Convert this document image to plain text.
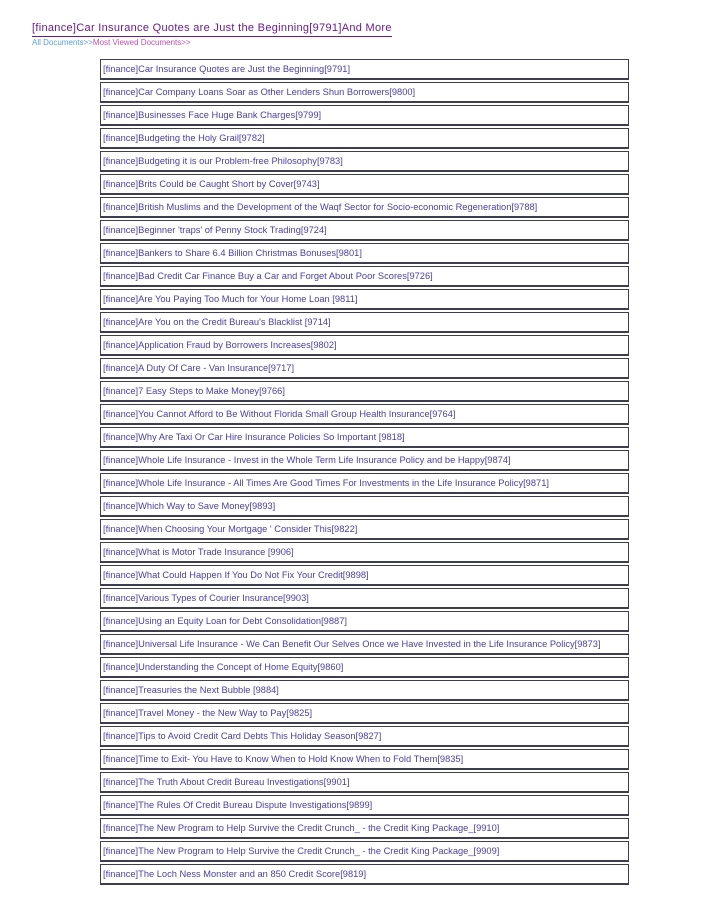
[finance]Car Insurance Quotes are Just the Beginning[9791]And More
All Documents>>Most Viewed Documents>>
[finance]Car Insurance Quotes are Just the Beginning[9791]
[finance]Car Company Loans Soar as Other Lenders Shun Borrowers[9800]
[finance]Businesses Face Huge Bank Charges[9799]
[finance]Budgeting the Holy Grail[9782]
[finance]Budgeting it is our Problem-free Philosophy[9783]
[finance]Brits Could be Caught Short by Cover[9743]
[finance]British Muslims and the Development of the Waqf Sector for Socio-economic Regeneration[9788]
[finance]Beginner 'traps' of Penny Stock Trading[9724]
[finance]Bankers to Share 6.4 Billion Christmas Bonuses[9801]
[finance]Bad Credit Car Finance Buy a Car and Forget About Poor Scores[9726]
[finance]Are You Paying Too Much for Your Home Loan [9811]
[finance]Are You on the Credit Bureau's Blacklist [9714]
[finance]Application Fraud by Borrowers Increases[9802]
[finance]A Duty Of Care - Van Insurance[9717]
[finance]7 Easy Steps to Make Money[9766]
[finance]You Cannot Afford to Be Without Florida Small Group Health Insurance[9764]
[finance]Why Are Taxi Or Car Hire Insurance Policies So Important [9818]
[finance]Whole Life Insurance - Invest in the Whole Term Life Insurance Policy and be Happy[9874]
[finance]Whole Life Insurance - All Times Are Good Times For Investments in the Life Insurance Policy[9871]
[finance]Which Way to Save Money[9893]
[finance]When Choosing Your Mortgage ' Consider This[9822]
[finance]What is Motor Trade Insurance [9906]
[finance]What Could Happen If You Do Not Fix Your Credit[9898]
[finance]Various Types of Courier Insurance[9903]
[finance]Using an Equity Loan for Debt Consolidation[9887]
[finance]Universal Life Insurance - We Can Benefit Our Selves Once we Have Invested in the Life Insurance Policy[9873]
[finance]Understanding the Concept of Home Equity[9860]
[finance]Treasuries the Next Bubble [9884]
[finance]Travel Money - the New Way to Pay[9825]
[finance]Tips to Avoid Credit Card Debts This Holiday Season[9827]
[finance]Time to Exit- You Have to Know When to Hold Know When to Fold Them[9835]
[finance]The Truth About Credit Bureau Investigations[9901]
[finance]The Rules Of Credit Bureau Dispute Investigations[9899]
[finance]The New Program to Help Survive the Credit Crunch_ - the Credit King Package_[9910]
[finance]The New Program to Help Survive the Credit Crunch_ - the Credit King Package_[9909]
[finance]The Loch Ness Monster and an 850 Credit Score[9819]
